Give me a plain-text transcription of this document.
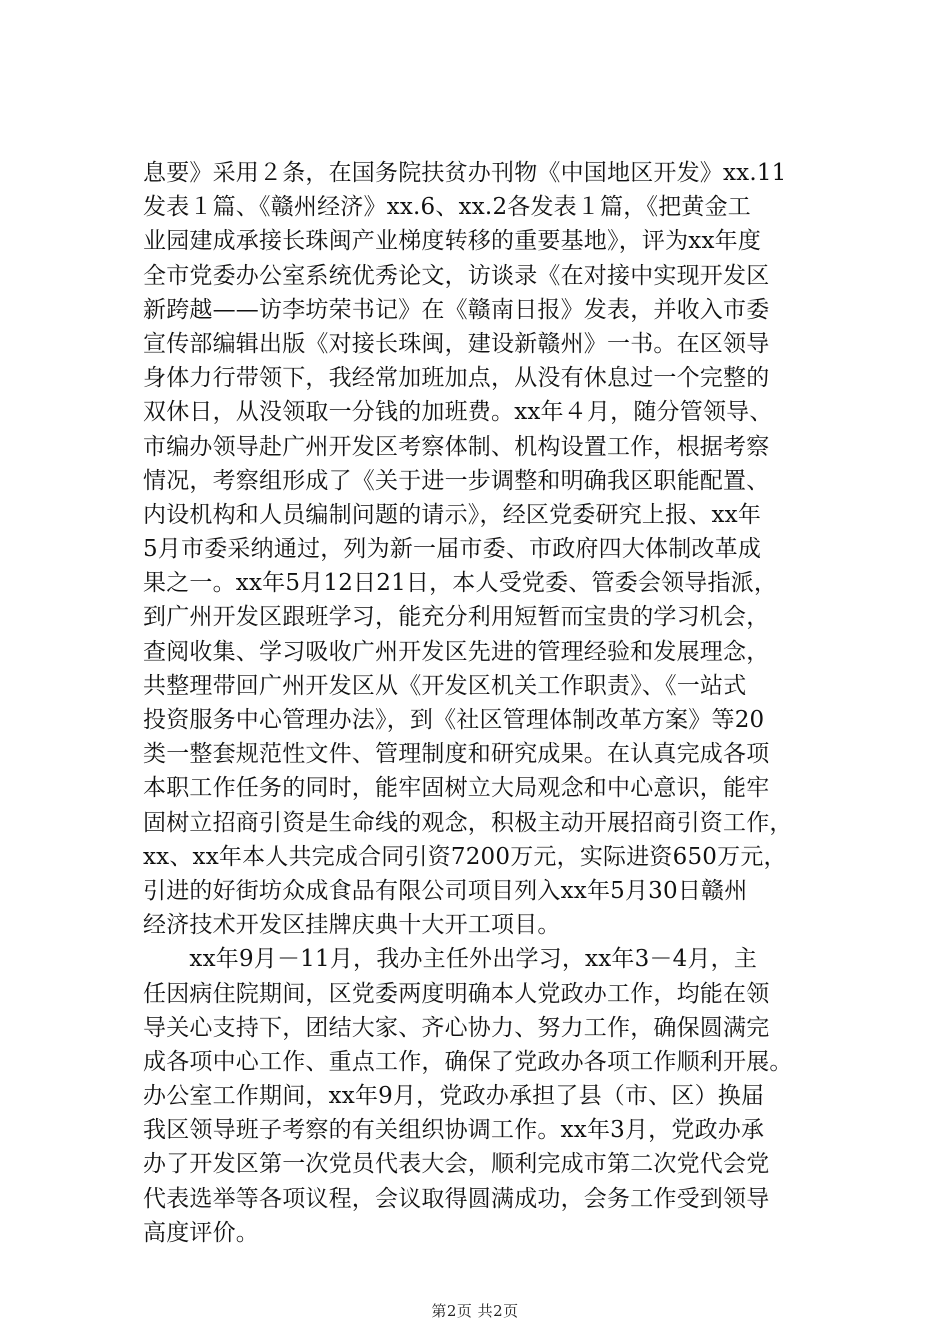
息要》采用２条，在国务院扶贫办刊物《中国地区开发》xx.11
发表１篇、《赣州经济》xx.6、xx.2各发表１篇，《把黄金工
业园建成承接长珠闽产业梯度转移的重要基地》，评为xx年度
全市党委办公室系统优秀论文，访谈录《在对接中实现开发区
新跨越——访李坊荣书记》在《赣南日报》发表，并收入市委
宣传部编辑出版《对接长珠闽，建设新赣州》一书。在区领导
身体力行带领下，我经常加班加点，从没有休息过一个完整的
双休日，从没领取一分钱的加班费。xx年４月，随分管领导、
市编办领导赴广州开发区考察体制、机构设置工作，根据考察
情况，考察组形成了《关于进一步调整和明确我区职能配置、
内设机构和人员编制问题的请示》，经区党委研究上报、xx年
5月市委采纳通过，列为新一届市委、市政府四大体制改革成
果之一。xx年5月12日21日，本人受党委、管委会领导指派，
到广州开发区跟班学习，能充分利用短暂而宝贵的学习机会，
查阅收集、学习吸收广州开发区先进的管理经验和发展理念，
共整理带回广州开发区从《开发区机关工作职责》、《一站式
投资服务中心管理办法》，到《社区管理体制改革方案》等20
类一整套规范性文件、管理制度和研究成果。在认真完成各项
本职工作任务的同时，能牢固树立大局观念和中心意识，能牢
固树立招商引资是生命线的观念，积极主动开展招商引资工作，
xx、xx年本人共完成合同引资7200万元，实际进资650万元，
引进的好街坊众成食品有限公司项目列入xx年5月30日赣州
经济技术开发区挂牌庆典十大开工项目。
　　xx年9月－11月，我办主任外出学习，xx年3－4月，主
任因病住院期间，区党委两度明确本人党政办工作，均能在领
导关心支持下，团结大家、齐心协力、努力工作，确保圆满完
成各项中心工作、重点工作，确保了党政办各项工作顺利开展。
办公室工作期间，xx年9月，党政办承担了县（市、区）换届
我区领导班子考察的有关组织协调工作。xx年3月，党政办承
办了开发区第一次党员代表大会，顺利完成市第二次党代会党
代表选举等各项议程，会议取得圆满成功，会务工作受到领导
高度评价。
第2页 共2页
